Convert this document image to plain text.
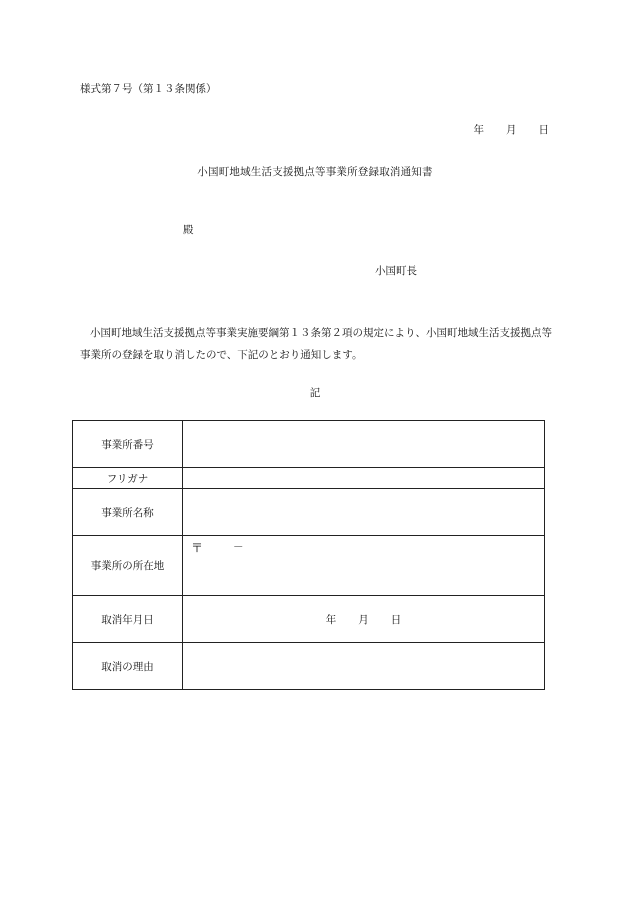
様式第７号（第１３条関係）
年 月 日
小国町地域生活支援拠点等事業所登録取消通知書
殿
小国町長
小国町地域生活支援拠点等事業実施要綱第１３条第２項の規定により、小国町地域生活支援拠点等事業所の登録を取り消したので、下記のとおり通知します。
記
事業所番号	
フリガナ	
事業所名称	
事業所の所在地	〒 －

取消年月日	年 月 日
取消の理由	
